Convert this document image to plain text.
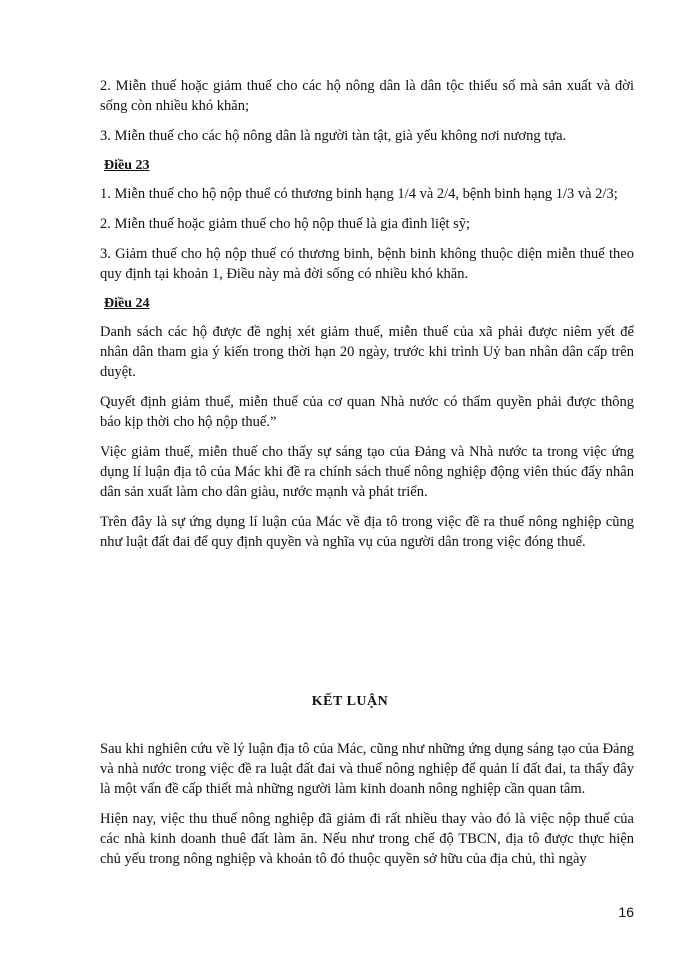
2. Miễn thuế hoặc giảm thuế cho các hộ nông dân là dân tộc thiểu số mà sản xuất và đời sống còn nhiều khó khăn;

3. Miễn thuế cho các hộ nông dân là người tàn tật, già yếu không nơi nương tựa.

Điều 23

1. Miễn thuế cho hộ nộp thuế có thương binh hạng 1/4 và 2/4, bệnh binh hạng 1/3 và 2/3;

2. Miễn thuế hoặc giảm thuế cho hộ nộp thuế là gia đình liệt sỹ;

3. Giảm thuế cho hộ nộp thuế có thương binh, bệnh binh không thuộc diện miễn thuế theo quy định tại khoản 1, Điều này mà đời sống có nhiều khó khăn.

Điều 24

Danh sách các hộ được đề nghị xét giảm thuế, miễn thuế của xã phải được niêm yết để nhân dân tham gia ý kiến trong thời hạn 20 ngày, trước khi trình Uỷ ban nhân dân cấp trên duyệt.

Quyết định giảm thuế, miễn thuế của cơ quan Nhà nước có thẩm quyền phải được thông báo kịp thời cho hộ nộp thuế.”

Việc giảm thuế, miễn thuế cho thấy sự sáng tạo của Đảng và Nhà nước ta trong việc ứng dụng lí luận địa tô của Mác khi đề ra chính sách thuế nông nghiệp động viên thúc đẩy nhân dân sản xuất làm cho dân giàu, nước mạnh và phát triển.

Trên đây là sự ứng dụng lí luận của Mác về địa tô trong việc đề ra thuế nông nghiệp cũng như luật đất đai để quy định quyền và nghĩa vụ của người dân trong việc đóng thuế.

KẾT LUẬN

Sau khi nghiên cứu về lý luận địa tô của Mác, cũng như những ứng dụng sáng tạo của Đảng và nhà nước trong việc đề ra luật đất đai và thuế nông nghiệp để quản lí đất đai, ta thấy đây là một vấn đề cấp thiết mà những người làm kinh doanh nông nghiệp cần quan tâm.

Hiện nay, việc thu thuế nông nghiệp đã giảm đi rất nhiều thay vào đó là việc nộp thuế của các nhà kinh doanh thuê đất làm ăn. Nếu như trong chế độ TBCN, địa tô được thực hiện chủ yếu trong nông nghiệp và khoản tô đó thuộc quyền sở hữu của địa chủ, thì ngày

16
